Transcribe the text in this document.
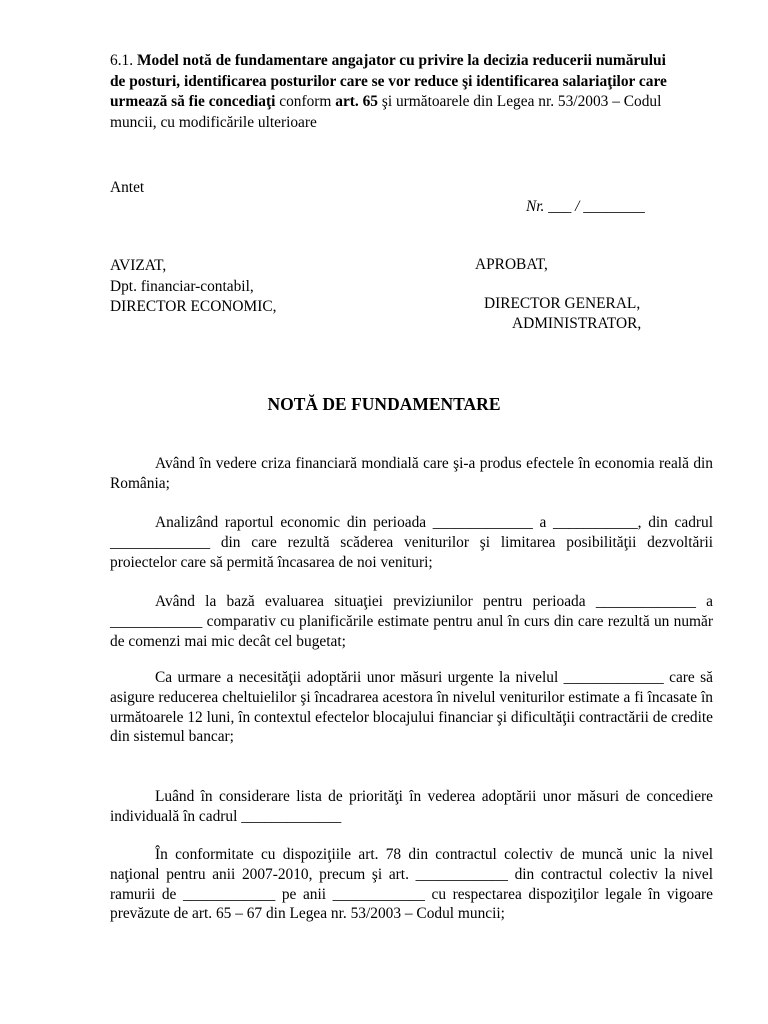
6.1. Model notă de fundamentare angajator cu privire la decizia reducerii numărului de posturi, identificarea posturilor care se vor reduce şi identificarea salariaţilor care urmează să fie concediaţi conform art. 65 şi următoarele din Legea nr. 53/2003 – Codul muncii, cu modificările ulterioare
Antet
Nr. ___ / ________
AVIZAT,
Dpt. financiar-contabil,
DIRECTOR ECONOMIC,
APROBAT,
DIRECTOR GENERAL,
ADMINISTRATOR,
NOTĂ DE FUNDAMENTARE
Având în vedere criza financiară mondială care şi-a produs efectele în economia reală din România;
Analizând raportul economic din perioada _____________ a ___________, din cadrul _____________ din care rezultă scăderea veniturilor şi limitarea posibilităţii dezvoltării proiectelor care să permită încasarea de noi venituri;
Având la bază evaluarea situaţiei previziunilor pentru perioada _____________ a ____________ comparativ cu planificările estimate pentru anul în curs din care rezultă un număr de comenzi mai mic decât cel bugetat;
Ca urmare a necesităţii adoptării unor măsuri urgente la nivelul _____________ care să asigure reducerea cheltuielilor şi încadrarea acestora în nivelul veniturilor estimate a fi încasate în următoarele 12 luni, în contextul efectelor blocajului financiar şi dificultăţii contractării de credite din sistemul bancar;
Luând în considerare lista de priorităţi în vederea adoptării unor măsuri de concediere individuală în cadrul _____________
În conformitate cu dispoziţiile art. 78 din contractul colectiv de muncă unic la nivel naţional pentru anii 2007-2010, precum şi art. ____________ din contractul colectiv la nivel ramurii de ____________ pe anii ____________ cu respectarea dispoziţilor legale în vigoare prevăzute de art. 65 – 67 din Legea nr. 53/2003 – Codul muncii;
